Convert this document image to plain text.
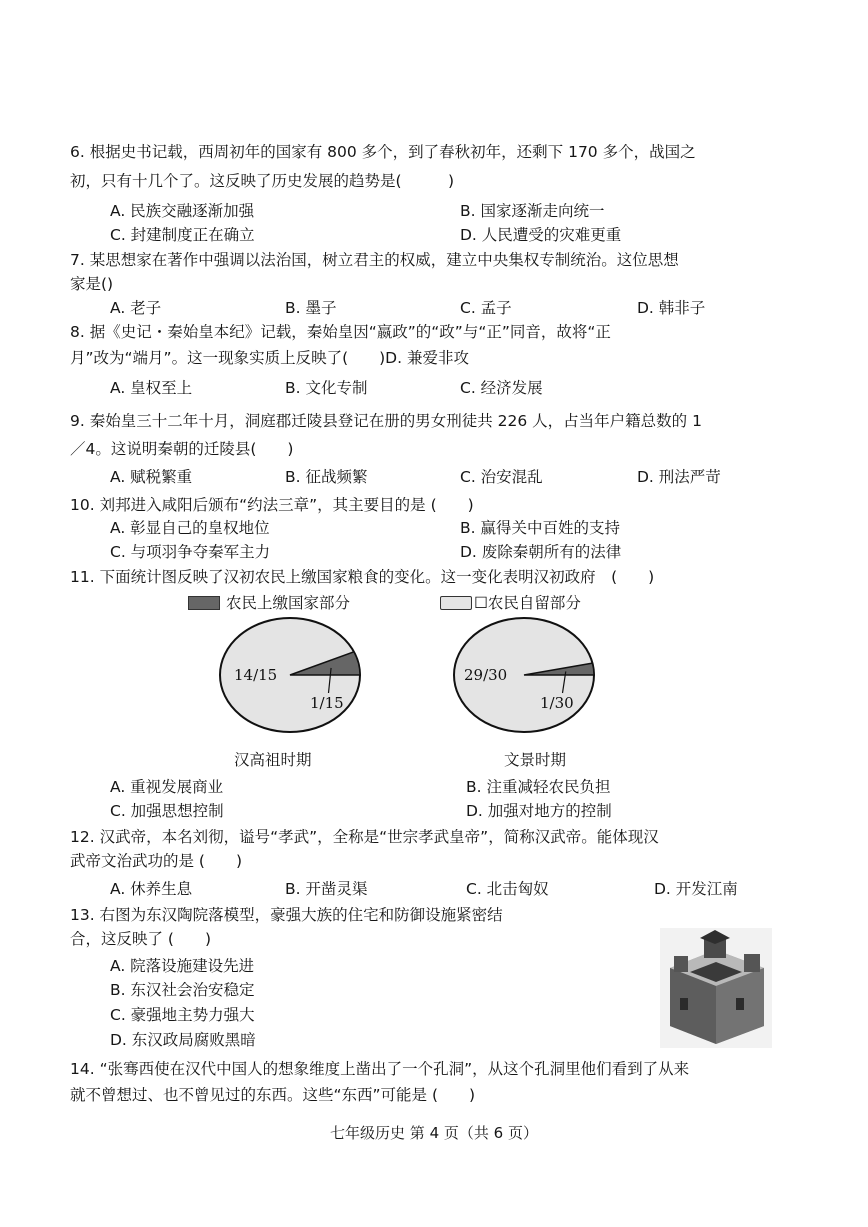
6. 根据史书记载，西周初年的国家有 800 多个，到了春秋初年，还剩下 170 多个，战国之
初，只有十几个了。这反映了历史发展的趋势是(　　　)
A. 民族交融逐渐加强	B. 国家逐渐走向统一
C. 封建制度正在确立	D. 人民遭受的灾难更重
7. 某思想家在著作中强调以法治国，树立君主的权威，建立中央集权专制统治。这位思想
家是()
A. 老子	B. 墨子	C. 孟子	D. 韩非子
8. 据《史记・秦始皇本纪》记载，秦始皇因“嬴政”的“政”与“正”同音，故将“正
月”改为“端月”。这一现象实质上反映了(　　)D. 兼爱非攻
A. 皇权至上	B. 文化专制	C. 经济发展
9. 秦始皇三十二年十月，洞庭郡迁陵县登记在册的男女刑徒共 226 人，占当年户籍总数的 1
／4。这说明秦朝的迁陵县(　　)
A. 赋税繁重	B. 征战频繁	C. 治安混乱	D. 刑法严苛
10. 刘邦进入咸阳后颁布“约法三章”，其主要目的是 (　　)
A. 彰显自己的皇权地位	B. 赢得关中百姓的支持
C. 与项羽争夺秦军主力	D. 废除秦朝所有的法律
11. 下面统计图反映了汉初农民上缴国家粮食的变化。这一变化表明汉初政府　(　　)
农民上缴国家部分	☐农民自留部分
14/15
1/15
29/30
1/30
汉高祖时期	文景时期
A. 重视发展商业	B. 注重减轻农民负担
C. 加强思想控制	D. 加强对地方的控制
12. 汉武帝，本名刘彻，谥号“孝武”，全称是“世宗孝武皇帝”，简称汉武帝。能体现汉
武帝文治武功的是 (　　)
A. 休养生息	B. 开凿灵渠	C. 北击匈奴	D. 开发江南
13. 右图为东汉陶院落模型，豪强大族的住宅和防御设施紧密结
合，这反映了 (　　)
A. 院落设施建设先进
B. 东汉社会治安稳定
C. 豪强地主势力强大
D. 东汉政局腐败黑暗
14. “张骞西使在汉代中国人的想象维度上凿出了一个孔洞”，从这个孔洞里他们看到了从来
就不曾想过、也不曾见过的东西。这些“东西”可能是 (　　)
七年级历史 第 4 页（共 6 页）
